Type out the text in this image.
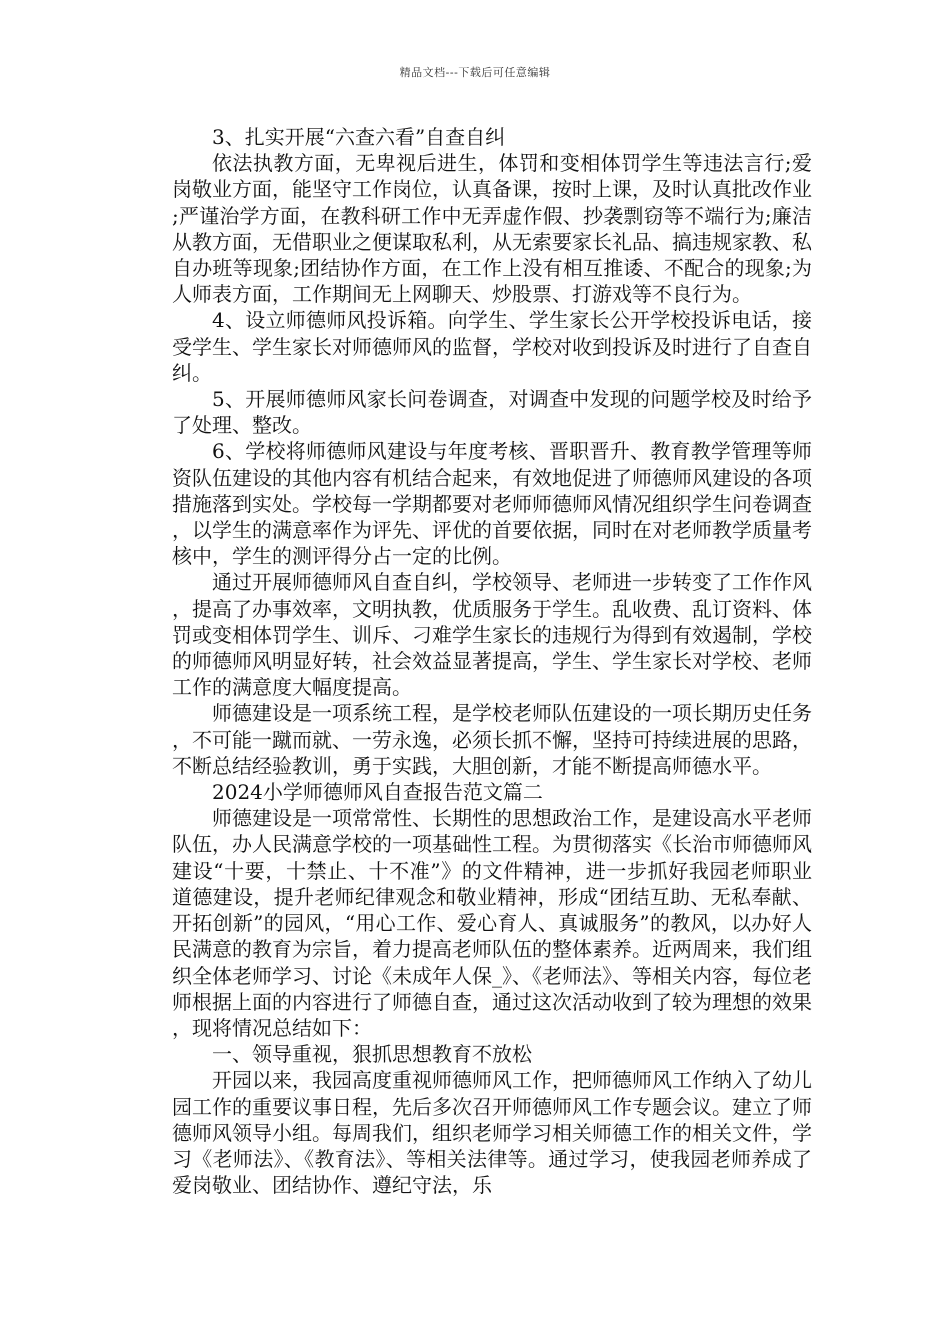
精品文档---下载后可任意编辑

3、扎实开展“六查六看”自查自纠

依法执教方面，无卑视后进生，体罚和变相体罚学生等违法言行;爱岗敬业方面，能坚守工作岗位，认真备课，按时上课，及时认真批改作业;严谨治学方面，在教科研工作中无弄虚作假、抄袭剽窃等不端行为;廉洁从教方面，无借职业之便谋取私利，从无索要家长礼品、搞违规家教、私自办班等现象;团结协作方面，在工作上没有相互推诿、不配合的现象;为人师表方面，工作期间无上网聊天、炒股票、打游戏等不良行为。

4、设立师德师风投诉箱。向学生、学生家长公开学校投诉电话，接受学生、学生家长对师德师风的监督，学校对收到投诉及时进行了自查自纠。

5、开展师德师风家长问卷调查，对调查中发现的问题学校及时给予了处理、整改。

6、学校将师德师风建设与年度考核、晋职晋升、教育教学管理等师资队伍建设的其他内容有机结合起来，有效地促进了师德师风建设的各项措施落到实处。学校每一学期都要对老师师德师风情况组织学生问卷调查，以学生的满意率作为评先、评优的首要依据，同时在对老师教学质量考核中，学生的测评得分占一定的比例。

通过开展师德师风自查自纠，学校领导、老师进一步转变了工作作风，提高了办事效率，文明执教，优质服务于学生。乱收费、乱订资料、体罚或变相体罚学生、训斥、刁难学生家长的违规行为得到有效遏制，学校的师德师风明显好转，社会效益显著提高，学生、学生家长对学校、老师工作的满意度大幅度提高。

师德建设是一项系统工程，是学校老师队伍建设的一项长期历史任务，不可能一蹴而就、一劳永逸，必须长抓不懈，坚持可持续进展的思路，不断总结经验教训，勇于实践，大胆创新，才能不断提高师德水平。

2024小学师德师风自查报告范文篇二

师德建设是一项常常性、长期性的思想政治工作，是建设高水平老师队伍，办人民满意学校的一项基础性工程。为贯彻落实《长治市师德师风建设“十要，十禁止、十不准”》的文件精神，进一步抓好我园老师职业道德建设，提升老师纪律观念和敬业精神，形成“团结互助、无私奉献、开拓创新”的园风，“用心工作、爱心育人、真诚服务”的教风，以办好人民满意的教育为宗旨，着力提高老师队伍的整体素养。近两周来，我们组织全体老师学习、讨论《未成年人保_》、《老师法》、等相关内容，每位老师根据上面的内容进行了师德自查，通过这次活动收到了较为理想的效果，现将情况总结如下：

一、领导重视，狠抓思想教育不放松

开园以来，我园高度重视师德师风工作，把师德师风工作纳入了幼儿园工作的重要议事日程，先后多次召开师德师风工作专题会议。建立了师德师风领导小组。每周我们，组织老师学习相关师德工作的相关文件，学习《老师法》、《教育法》、等相关法律等。通过学习，使我园老师养成了爱岗敬业、团结协作、遵纪守法，乐
